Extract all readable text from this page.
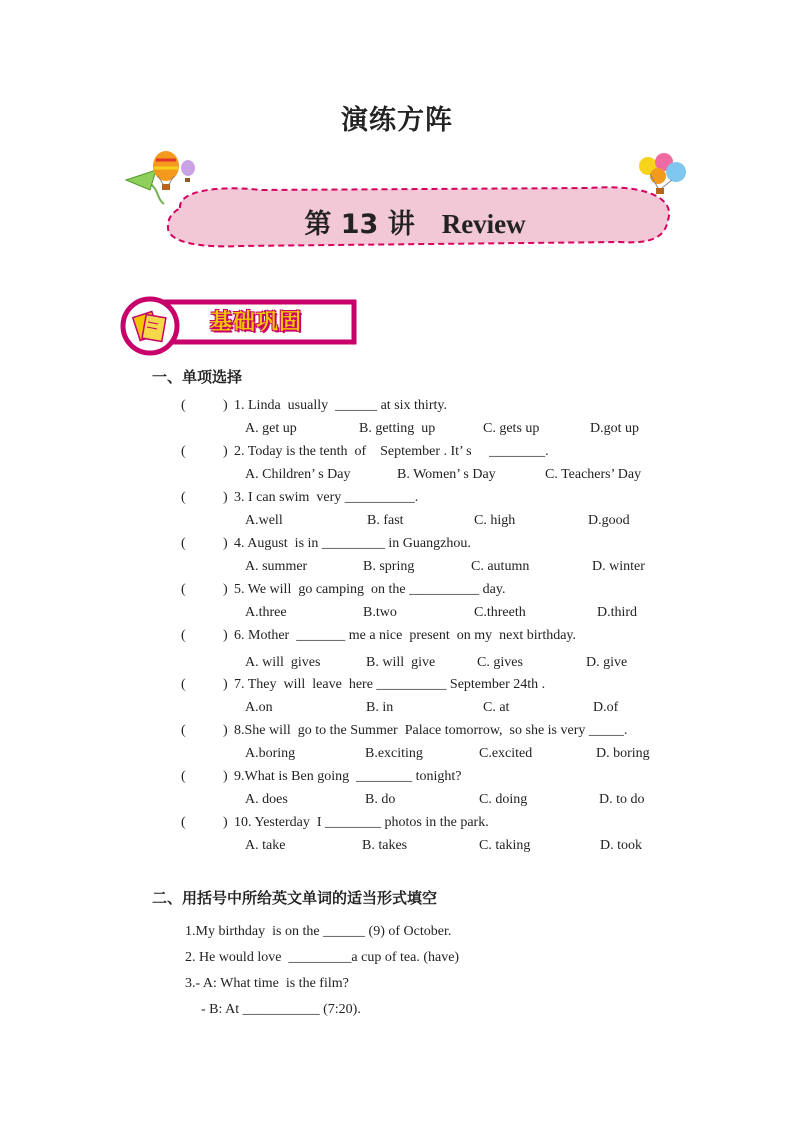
演练方阵
第 13 讲 Review
基础巩固
一、单项选择
(	) 1. Linda  usually  ______ at six thirty.
A. get up	B. getting  up	C. gets up	D.got up
(	) 2. Today is the tenth  of    September . It’ s     ________.
A. Children’ s Day	B. Women’ s Day	C. Teachers’ Day
(	) 3. I can swim  very __________.
A.well	B. fast	C. high	D.good
(	) 4. August  is in _________ in Guangzhou.
A. summer	B. spring	C. autumn	D. winter
(	) 5. We will  go camping  on the __________ day.
A.three	B.two	C.threeth	D.third
(	) 6. Mother  _______ me a nice  present  on my  next birthday.
A. will  gives	B. will  give	C. gives	D. give
(	) 7. They  will  leave  here __________ September 24th .
A.on	B. in	C. at	D.of
(	) 8.She will  go to the Summer  Palace tomorrow,  so she is very _____.
A.boring	B.exciting	C.excited	D. boring
(	) 9.What is Ben going  ________ tonight?
A. does	B. do	C. doing	D. to do
(	) 10. Yesterday  I ________ photos in the park.
A. take	B. takes	C. taking	D. took
二、用括号中所给英文单词的适当形式填空
1.My birthday  is on the ______ (9) of October.
2. He would love  _________a cup of tea. (have)
3.- A: What time  is the film?
- B: At ___________ (7:20).
